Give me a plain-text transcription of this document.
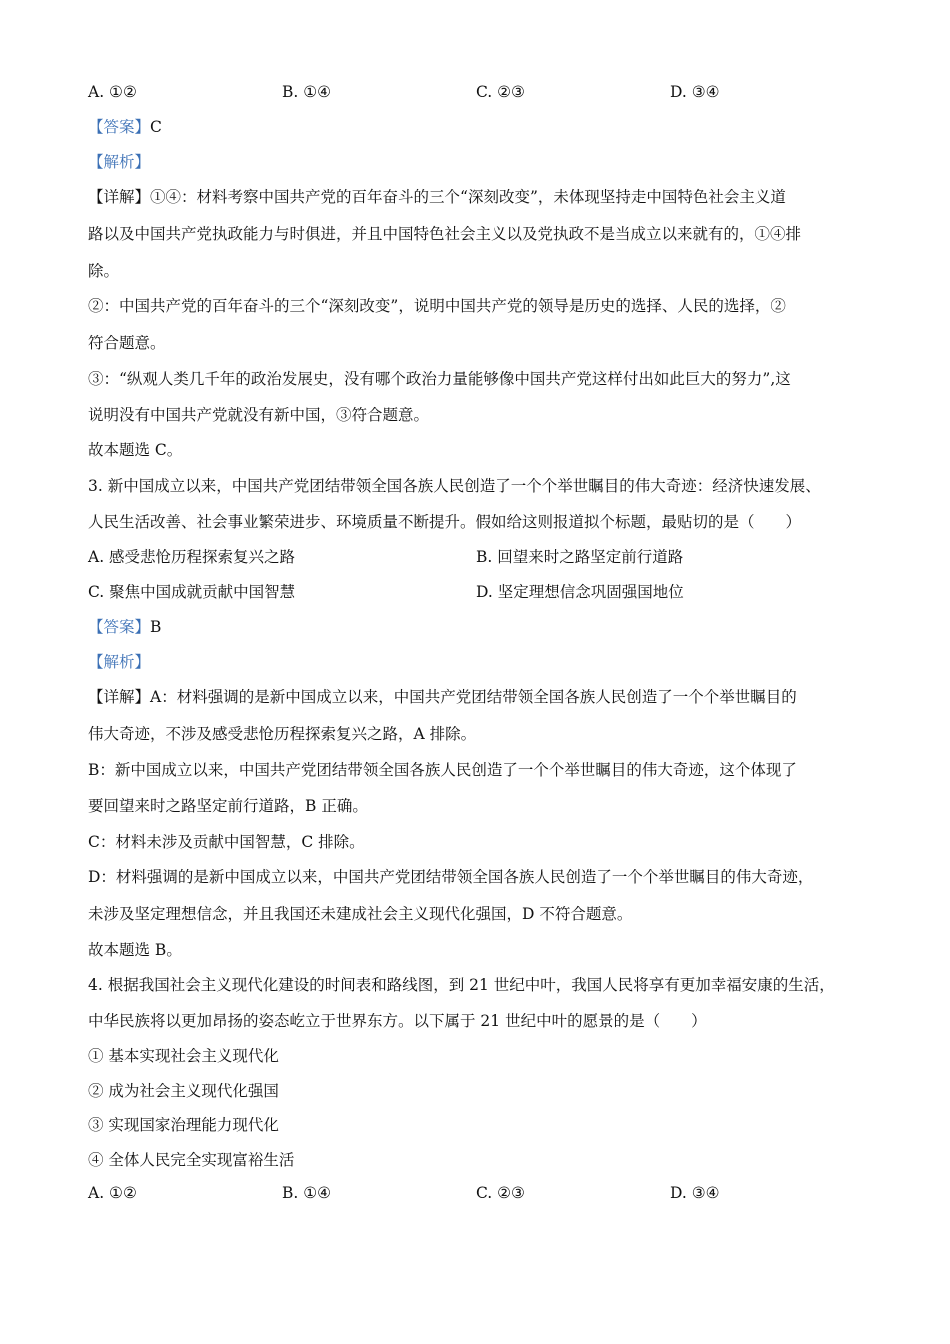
A. ①②	B. ①④	C. ②③	D. ③④
【答案】C
【解析】
【详解】①④：材料考察中国共产党的百年奋斗的三个“深刻改变”，未体现坚持走中国特色社会主义道
路以及中国共产党执政能力与时俱进，并且中国特色社会主义以及党执政不是当成立以来就有的，①④排
除。
②：中国共产党的百年奋斗的三个“深刻改变”，说明中国共产党的领导是历史的选择、人民的选择，②
符合题意。
③：“纵观人类几千年的政治发展史，没有哪个政治力量能够像中国共产党这样付出如此巨大的努力”,这
说明没有中国共产党就没有新中国，③符合题意。
故本题选 C。
3. 新中国成立以来，中国共产党团结带领全国各族人民创造了一个个举世瞩目的伟大奇迹：经济快速发展、
人民生活改善、社会事业繁荣进步、环境质量不断提升。假如给这则报道拟个标题，最贴切的是（　　）
A. 感受悲怆历程探索复兴之路	B. 回望来时之路坚定前行道路
C. 聚焦中国成就贡献中国智慧	D. 坚定理想信念巩固强国地位
【答案】B
【解析】
【详解】A：材料强调的是新中国成立以来，中国共产党团结带领全国各族人民创造了一个个举世瞩目的
伟大奇迹，不涉及感受悲怆历程探索复兴之路，A 排除。
B：新中国成立以来，中国共产党团结带领全国各族人民创造了一个个举世瞩目的伟大奇迹，这个体现了
要回望来时之路坚定前行道路，B 正确。
C：材料未涉及贡献中国智慧，C 排除。
D：材料强调的是新中国成立以来，中国共产党团结带领全国各族人民创造了一个个举世瞩目的伟大奇迹，
未涉及坚定理想信念，并且我国还未建成社会主义现代化强国，D 不符合题意。
故本题选 B。
4. 根据我国社会主义现代化建设的时间表和路线图，到 21 世纪中叶，我国人民将享有更加幸福安康的生活，
中华民族将以更加昂扬的姿态屹立于世界东方。以下属于 21 世纪中叶的愿景的是（　　）
① 基本实现社会主义现代化
② 成为社会主义现代化强国
③ 实现国家治理能力现代化
④ 全体人民完全实现富裕生活
A. ①②	B. ①④	C. ②③	D. ③④
